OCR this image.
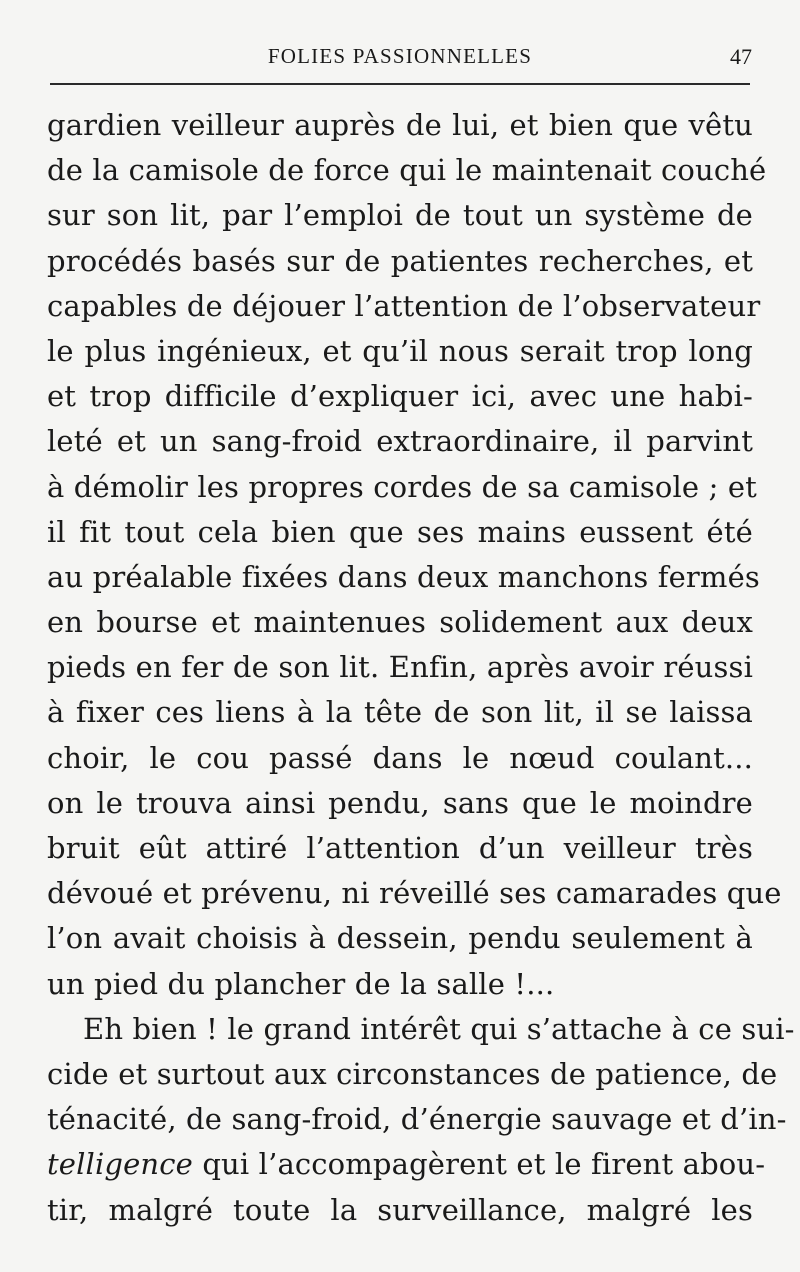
FOLIES PASSIONNELLES	47
gardien veilleur auprès de lui, et bien que vêtu
de la camisole de force qui le maintenait couché
sur son lit, par l’emploi de tout un système de
procédés basés sur de patientes recherches, et
capables de déjouer l’attention de l’observateur
le plus ingénieux, et qu’il nous serait trop long
et trop difficile d’expliquer ici, avec une habi-
leté et un sang-froid extraordinaire, il parvint
à démolir les propres cordes de sa camisole ; et
il fit tout cela bien que ses mains eussent été
au préalable fixées dans deux manchons fermés
en bourse et maintenues solidement aux deux
pieds en fer de son lit. Enfin, après avoir réussi
à fixer ces liens à la tête de son lit, il se laissa
choir, le cou passé dans le nœud coulant...
on le trouva ainsi pendu, sans que le moindre
bruit eût attiré l’attention d’un veilleur très
dévoué et prévenu, ni réveillé ses camarades que
l’on avait choisis à dessein, pendu seulement à
un pied du plancher de la salle !...
Eh bien ! le grand intérêt qui s’attache à ce sui-
cide et surtout aux circonstances de patience, de
ténacité, de sang-froid, d’énergie sauvage et d’in-
telligence qui l’accompagèrent et le firent abou-
tir, malgré toute la surveillance, malgré les
